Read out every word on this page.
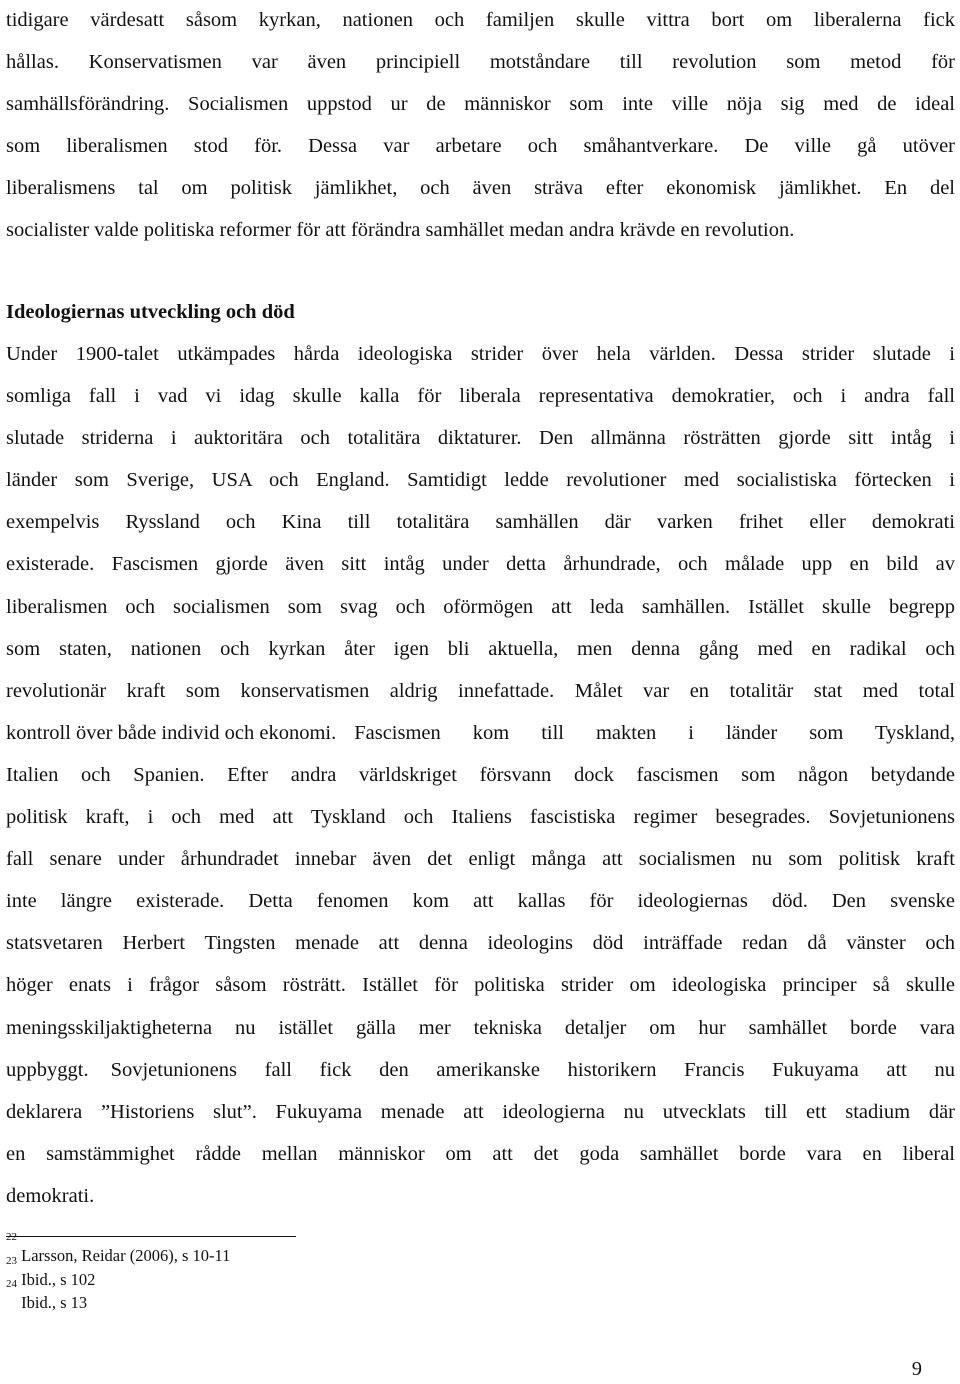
tidigare värdesatt såsom kyrkan, nationen och familjen skulle vittra bort om liberalerna fick
hållas. Konservatismen var även principiell motståndare till revolution som metod för
samhällsförändring. Socialismen uppstod ur de människor som inte ville nöja sig med de ideal
som liberalismen stod för. Dessa var arbetare och småhantverkare. De ville gå utöver
liberalismens tal om politisk jämlikhet, och även sträva efter ekonomisk jämlikhet. En del
socialister valde politiska reformer för att förändra samhället medan andra krävde en revolution.
Ideologiernas utveckling och död
Under 1900-talet utkämpades hårda ideologiska strider över hela världen. Dessa strider slutade i
somliga fall i vad vi idag skulle kalla för liberala representativa demokratier, och i andra fall
slutade striderna i auktoritära och totalitära diktaturer. Den allmänna rösträtten gjorde sitt intåg i
länder som Sverige, USA och England. Samtidigt ledde revolutioner med socialistiska förtecken i
exempelvis Ryssland och Kina till totalitära samhällen där varken frihet eller demokrati
existerade. Fascismen gjorde även sitt intåg under detta århundrade, och målade upp en bild av
liberalismen och socialismen som svag och oförmögen att leda samhällen. Istället skulle begrepp
som staten, nationen och kyrkan åter igen bli aktuella, men denna gång med en radikal och
revolutionär kraft som konservatismen aldrig innefattade. Målet var en totalitär stat med total
kontroll över både individ och ekonomi. Fascismen kom till makten i länder som Tyskland,
Italien och Spanien. Efter andra världskriget försvann dock fascismen som någon betydande
politisk kraft, i och med att Tyskland och Italiens fascistiska regimer besegrades. Sovjetunionens
fall senare under århundradet innebar även det enligt många att socialismen nu som politisk kraft
inte längre existerade. Detta fenomen kom att kallas för ideologiernas död. Den svenske
statsvetaren Herbert Tingsten menade att denna ideologins död inträffade redan då vänster och
höger enats i frågor såsom rösträtt. Istället för politiska strider om ideologiska principer så skulle
meningsskiljaktigheterna nu istället gälla mer tekniska detaljer om hur samhället borde vara
uppbyggt.	Sovjetunionens fall fick den amerikanske historikern Francis Fukuyama att nu
deklarera ”Historiens slut”. Fukuyama menade att ideologierna nu utvecklats till ett stadium där
en samstämmighet rådde mellan människor om att det goda samhället borde vara en liberal
demokrati.
$^{22}$ Larsson, Reidar (2006), s 10-11
$^{23}$ Ibid., s 102
$^{24}$ Ibid., s 13
9
